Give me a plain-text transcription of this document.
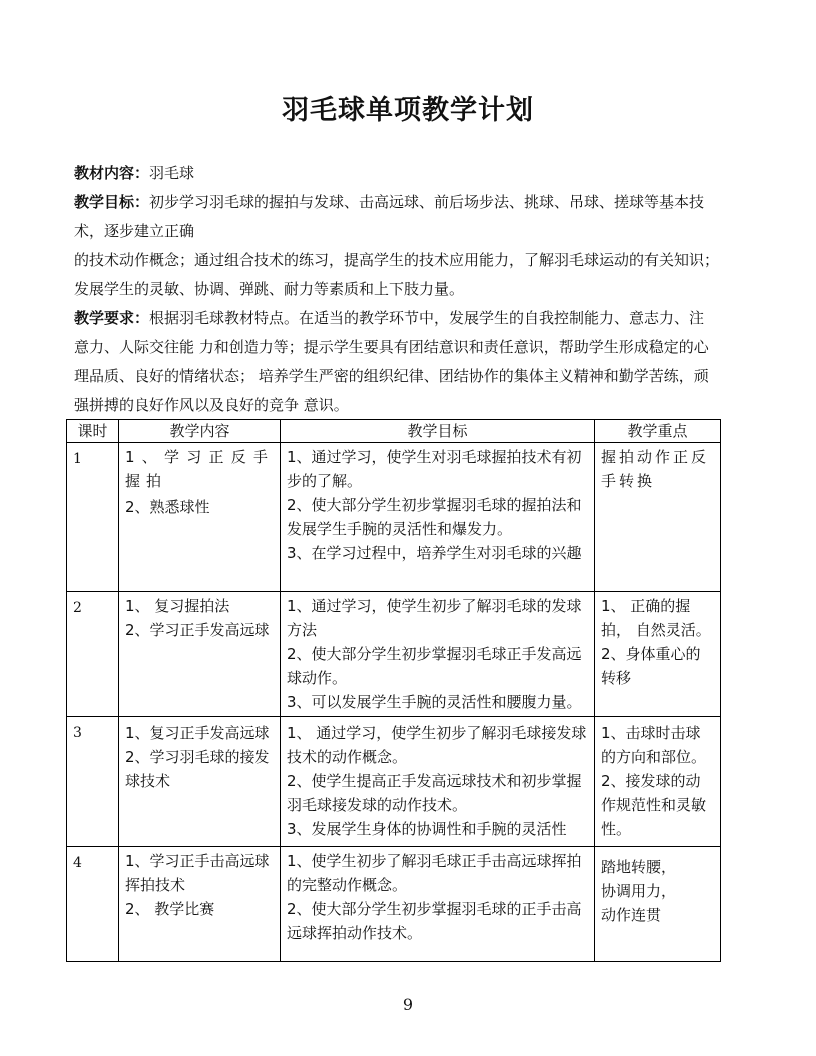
羽毛球单项教学计划

教材内容：羽毛球

教学目标：初步学习羽毛球的握拍与发球、击高远球、前后场步法、挑球、吊球、搓球等基本技

术，逐步建立正确

的技术动作概念；通过组合技术的练习，提高学生的技术应用能力，了解羽毛球运动的有关知识；

发展学生的灵敏、协调、弹跳、耐力等素质和上下肢力量。

教学要求：根据羽毛球教材特点。在适当的教学环节中，发展学生的自我控制能力、意志力、注

意力、人际交往能 力和创造力等；提示学生要具有团结意识和责任意识，帮助学生形成稳定的心

理品质、良好的情绪状态； 培养学生严密的组织纪律、团结协作的集体主义精神和勤学苦练，顽

强拼搏的良好作风以及良好的竞争 意识。

课时	教学内容	教学目标	教学重点
1	1、学习正反手握拍
2、熟悉球性	1、通过学习，使学生对羽毛球握拍技术有初步的了解。
2、使大部分学生初步掌握羽毛球的握拍法和发展学生手腕的灵活性和爆发力。
3、在学习过程中，培养学生对羽毛球的兴趣	握拍动作正反手转换

2	1、 复习握拍法
2、学习正手发高远球	1、通过学习，使学生初步了解羽毛球的发球方法
2、使大部分学生初步掌握羽毛球正手发高远球动作。
3、可以发展学生手腕的灵活性和腰腹力量。	1、 正确的握拍， 自然灵活。
2、身体重心的转移

3	1、复习正手发高远球
2、学习羽毛球的接发球技术	1、 通过学习，使学生初步了解羽毛球接发球技术的动作概念。
2、使学生提高正手发高远球技术和初步掌握羽毛球接发球的动作技术。
3、发展学生身体的协调性和手腕的灵活性	1、击球时击球的方向和部位。
2、接发球的动作规范性和灵敏性。

4	1、学习正手击高远球挥拍技术
2、 教学比赛	1、使学生初步了解羽毛球正手击高远球挥拍的完整动作概念。
2、使大部分学生初步掌握羽毛球的正手击高远球挥拍动作技术。	踏地转腰，
协调用力，
动作连贯
9
